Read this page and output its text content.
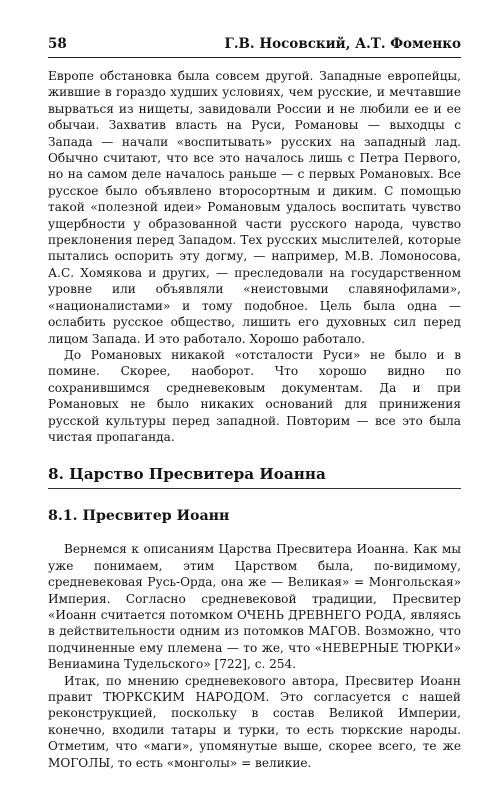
58	Г.В. Носовский, А.Т. Фоменко

Европе обстановка была совсем другой. Западные европейцы, жившие в гораздо худших условиях, чем русские, и мечтавшие вырваться из нищеты, завидовали России и не любили ее и ее обычаи. Захватив власть на Руси, Романовы — выходцы с Запада — начали «воспитывать» русских на западный лад. Обычно считают, что все это началось лишь с Петра Первого, но на самом деле началось раньше — с первых Романовых. Все русское было объявлено второсортным и диким. С помощью такой «полезной идеи» Романовым удалось воспитать чувство ущербности у образованной части русского народа, чувство преклонения перед Западом. Тех русских мыслителей, которые пытались оспорить эту догму, — например, М.В. Ломоносова, А.С. Хомякова и других, — преследовали на государственном уровне или объявляли «неистовыми славянофилами», «националистами» и тому подобное. Цель была одна — ослабить русское общество, лишить его духовных сил перед лицом Запада. И это работало. Хорошо работало.

До Романовых никакой «отсталости Руси» не было и в помине. Скорее, наоборот. Что хорошо видно по сохранившимся средневековым документам. Да и при Романовых не было никаких оснований для принижения русской культуры перед западной. Повторим — все это была чистая пропаганда.

8. Царство Пресвитера Иоанна
8.1. Пресвитер Иоанн

Вернемся к описаниям Царства Пресвитера Иоанна. Как мы уже понимаем, этим Царством была, по-видимому, средневековая Русь-Орда, она же — Великая» = Монгольская» Империя. Согласно средневековой традиции, Пресвитер «Иоанн считается потомком ОЧЕНЬ ДРЕВНЕГО РОДА, являясь в действительности одним из потомков МАГОВ. Возможно, что подчиненные ему племена — то же, что «НЕВЕРНЫЕ ТЮРКИ» Вениамина Тудельского» [722], с. 254.

Итак, по мнению средневекового автора, Пресвитер Иоанн правит ТЮРКСКИМ НАРОДОМ. Это согласуется с нашей реконструкцией, поскольку в состав Великой Империи, конечно, входили татары и турки, то есть тюркские народы. Отметим, что «маги», упомянутые выше, скорее всего, те же МОГОЛЫ, то есть «монголы» = великие.
